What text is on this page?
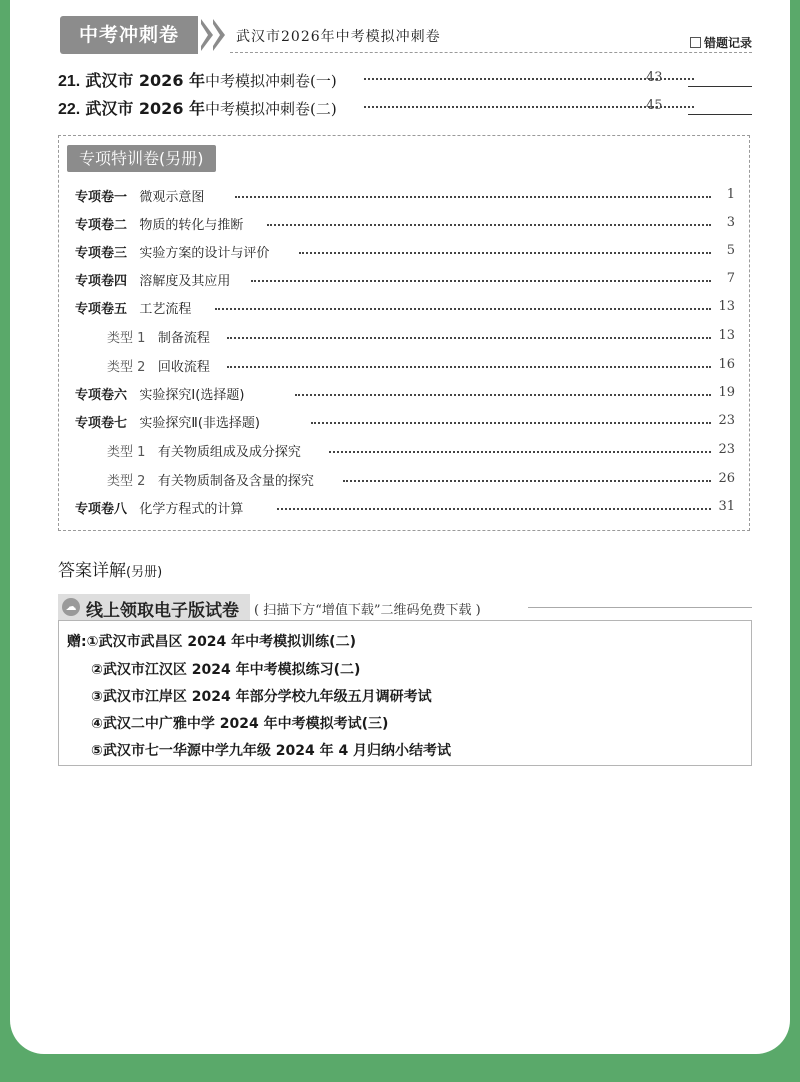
中考冲刺卷	武汉市2026年中考模拟冲刺卷	错题记录
21. 武汉市 2026 年中考模拟冲刺卷(一)	43
22. 武汉市 2026 年中考模拟冲刺卷(二)	45
专项特训卷(另册)
专项卷一 微观示意图	1
专项卷二 物质的转化与推断	3
专项卷三 实验方案的设计与评价	5
专项卷四 溶解度及其应用	7
专项卷五 工艺流程	13
类型 1 制备流程	13
类型 2 回收流程	16
专项卷六 实验探究Ⅰ(选择题)	19
专项卷七 实验探究Ⅱ(非选择题)	23
类型 1 有关物质组成及成分探究	23
类型 2 有关物质制备及含量的探究	26
专项卷八 化学方程式的计算	31
答案详解(另册)
☁ 线上领取电子版试卷 ( 扫描下方“增值下载”二维码免费下载 )
赠:①武汉市武昌区 2024 年中考模拟训练(二)
②武汉市江汉区 2024 年中考模拟练习(二)
③武汉市江岸区 2024 年部分学校九年级五月调研考试
④武汉二中广雅中学 2024 年中考模拟考试(三)
⑤武汉市七一华源中学九年级 2024 年 4 月归纳小结考试
